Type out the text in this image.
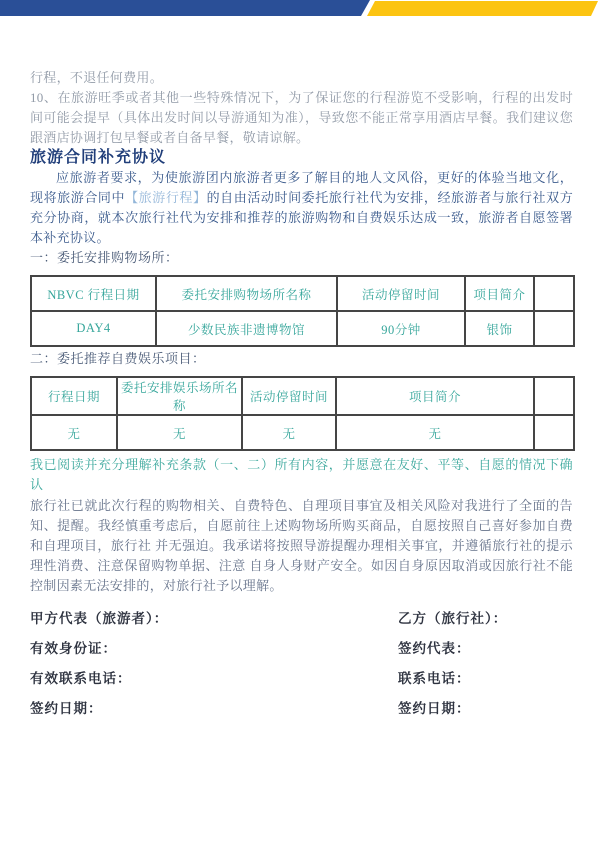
行程，不退任何费用。
10、在旅游旺季或者其他一些特殊情况下，为了保证您的行程游览不受影响，行程的出发时间可能会提早（具体出发时间以导游通知为准），导致您不能正常享用酒店早餐。我们建议您跟酒店协调打包早餐或者自备早餐，敬请谅解。
旅游合同补充协议
应旅游者要求，为使旅游团内旅游者更多了解目的地人文风俗，更好的体验当地文化，现将旅游合同中【旅游行程】的自由活动时间委托旅行社代为安排，经旅游者与旅行社双方充分协商，就本次旅行社代为安排和推荐的旅游购物和自费娱乐达成一致，旅游者自愿签署本补充协议。
一：委托安排购物场所：
NBVC 行程日期	委托安排购物场所名称	活动停留时间	项目简介	
DAY4	少数民族非遗博物馆	90分钟	银饰	
二：委托推荐自费娱乐项目：
行程日期	委托安排娱乐场所名称	活动停留时间	项目简介	
无	无	无	无	
我已阅读并充分理解补充条款（一、二）所有内容，并愿意在友好、平等、自愿的情况下确认
旅行社已就此次行程的购物相关、自费特色、自理项目事宜及相关风险对我进行了全面的告知、提醒。我经慎重考虑后，自愿前往上述购物场所购买商品，自愿按照自己喜好参加自费和自理项目，旅行社 并无强迫。我承诺将按照导游提醒办理相关事宜，并遵循旅行社的提示理性消费、注意保留购物单据、注意 自身人身财产安全。如因自身原因取消或因旅行社不能控制因素无法安排的，对旅行社予以理解。
甲方代表（旅游者）：	乙方（旅行社）：
有效身份证：	签约代表：
有效联系电话：	联系电话：
签约日期：	签约日期：
